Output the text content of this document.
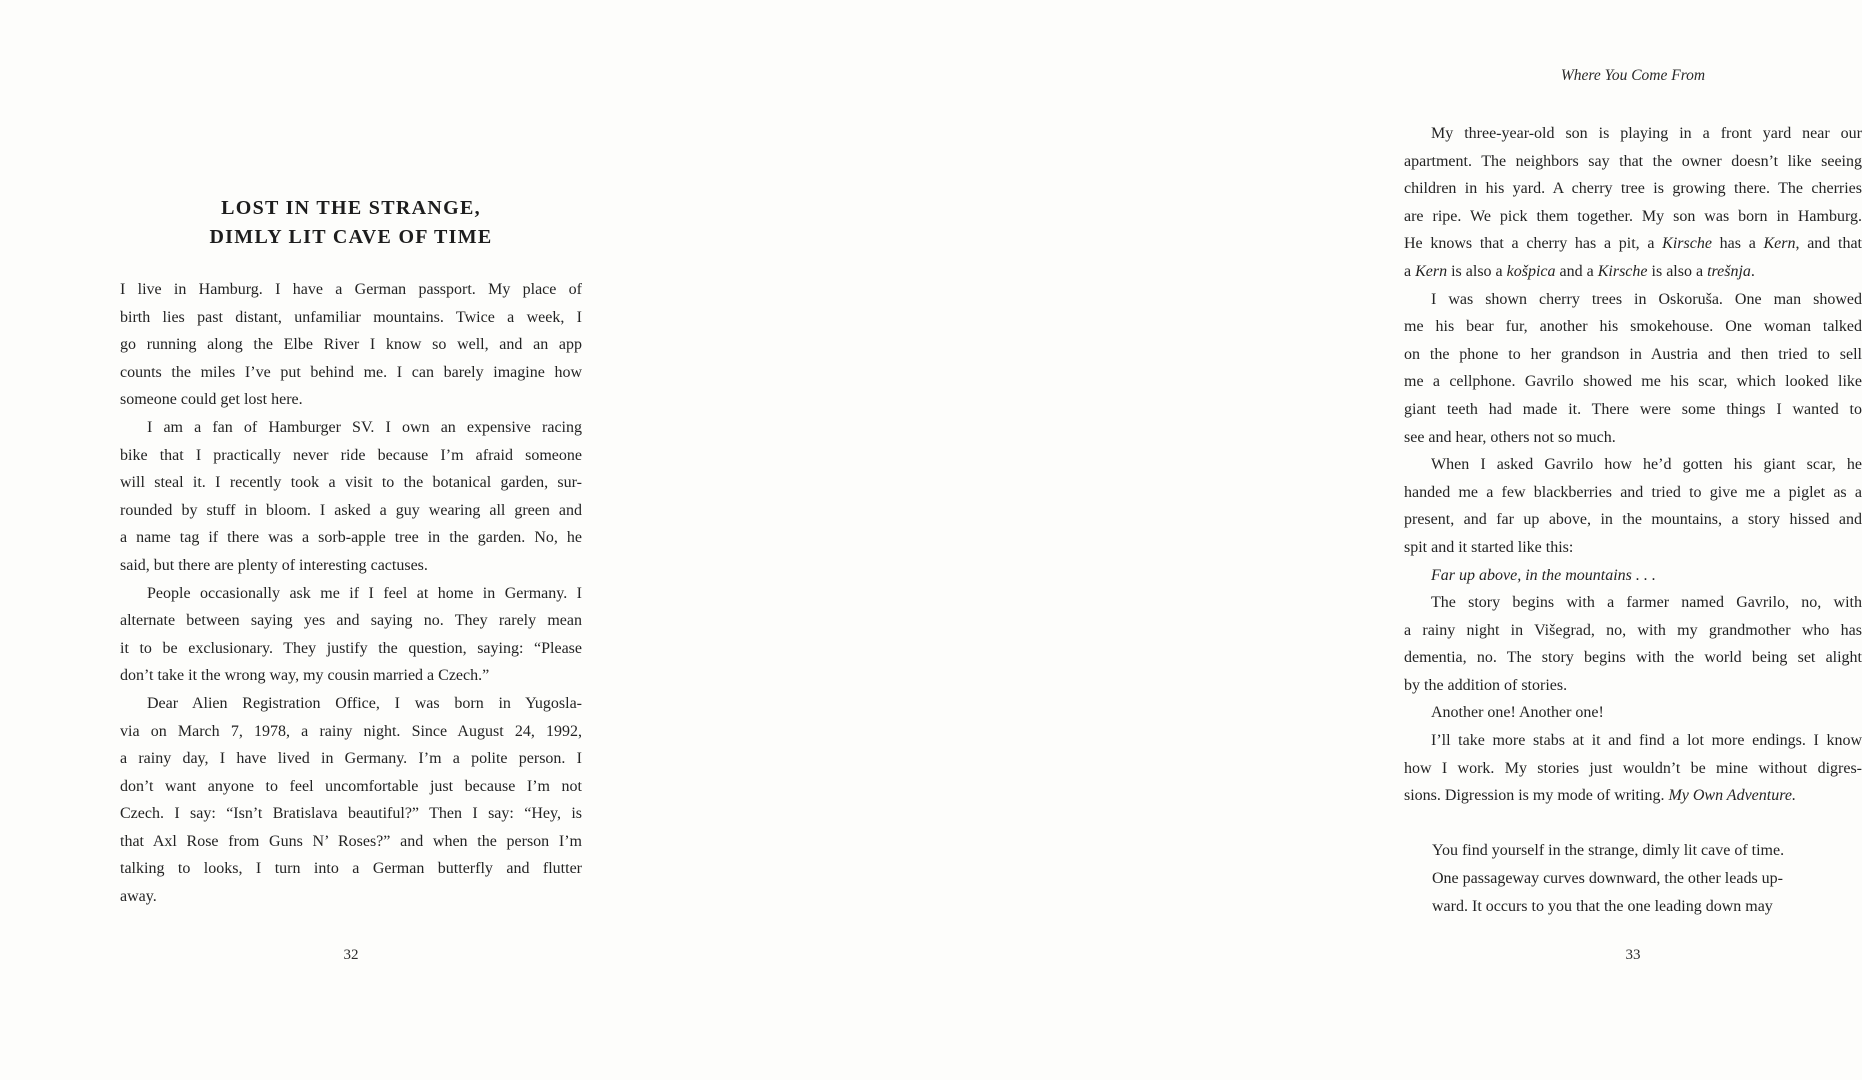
LOST IN THE STRANGE,
DIMLY LIT CAVE OF TIME
I live in Hamburg. I have a German passport. My place of
birth lies past distant, unfamiliar mountains. Twice a week, I
go running along the Elbe River I know so well, and an app
counts the miles I’ve put behind me. I can barely imagine how
someone could get lost here.
I am a fan of Hamburger SV. I own an expensive racing
bike that I practically never ride because I’m afraid someone
will steal it. I recently took a visit to the botanical garden, sur-
rounded by stuff in bloom. I asked a guy wearing all green and
a name tag if there was a sorb-apple tree in the garden. No, he
said, but there are plenty of interesting cactuses.
People occasionally ask me if I feel at home in Germany. I
alternate between saying yes and saying no. They rarely mean
it to be exclusionary. They justify the question, saying: “Please
don’t take it the wrong way, my cousin married a Czech.”
Dear Alien Registration Office, I was born in Yugosla-
via on March 7, 1978, a rainy night. Since August 24, 1992,
a rainy day, I have lived in Germany. I’m a polite person. I
don’t want anyone to feel uncomfortable just because I’m not
Czech. I say: “Isn’t Bratislava beautiful?” Then I say: “Hey, is
that Axl Rose from Guns N’ Roses?” and when the person I’m
talking to looks, I turn into a German butterfly and flutter
away.
32
Where You Come From
My three-year-old son is playing in a front yard near our
apartment. The neighbors say that the owner doesn’t like seeing
children in his yard. A cherry tree is growing there. The cherries
are ripe. We pick them together. My son was born in Hamburg.
He knows that a cherry has a pit, a Kirsche has a Kern, and that
a Kern is also a košpica and a Kirsche is also a trešnja.
I was shown cherry trees in Oskoruša. One man showed
me his bear fur, another his smokehouse. One woman talked
on the phone to her grandson in Austria and then tried to sell
me a cellphone. Gavrilo showed me his scar, which looked like
giant teeth had made it. There were some things I wanted to
see and hear, others not so much.
When I asked Gavrilo how he’d gotten his giant scar, he
handed me a few blackberries and tried to give me a piglet as a
present, and far up above, in the mountains, a story hissed and
spit and it started like this:
Far up above, in the mountains . . .
The story begins with a farmer named Gavrilo, no, with
a rainy night in Višegrad, no, with my grandmother who has
dementia, no. The story begins with the world being set alight
by the addition of stories.
Another one! Another one!
I’ll take more stabs at it and find a lot more endings. I know
how I work. My stories just wouldn’t be mine without digres-
sions. Digression is my mode of writing. My Own Adventure.
You find yourself in the strange, dimly lit cave of time.
One passageway curves downward, the other leads up-
ward. It occurs to you that the one leading down may
33
